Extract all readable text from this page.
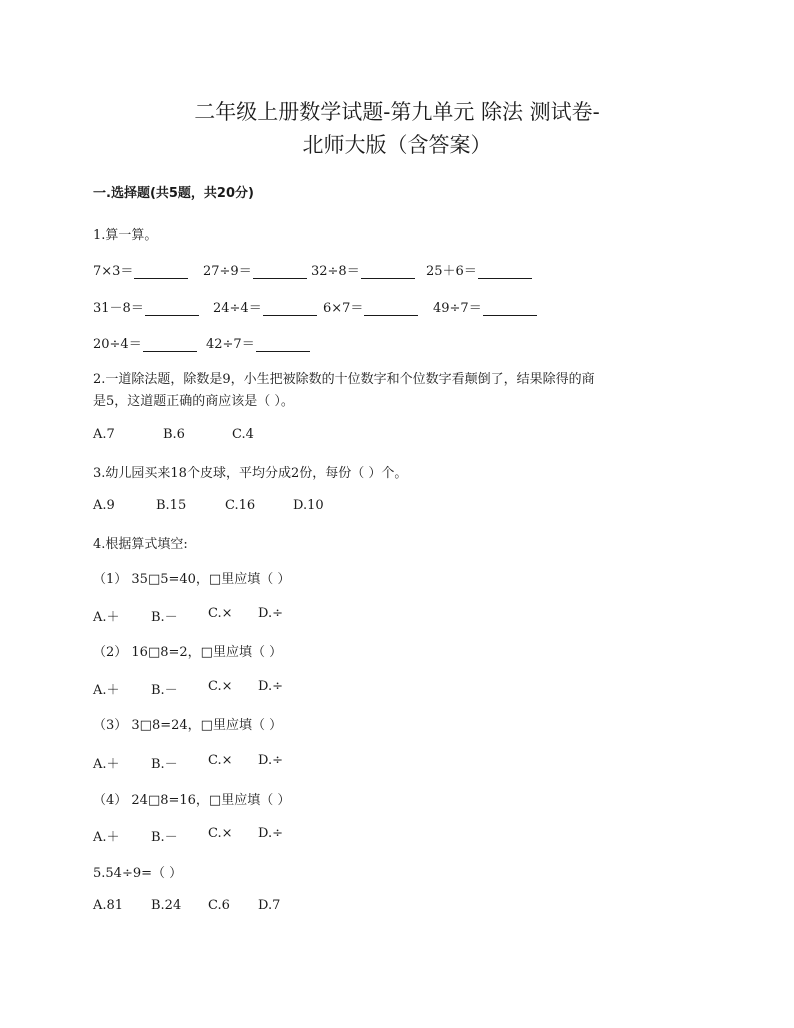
二年级上册数学试题-第九单元 除法 测试卷-
北师大版（含答案）
一.选择题(共5题，共20分)
1.算一算。
7×3＝	27÷9＝	32÷8＝	25＋6＝
31－8＝	24÷4＝	6×7＝	49÷7＝
20÷4＝	42÷7＝
2.一道除法题，除数是9，小生把被除数的十位数字和个位数字看颠倒了，结果除得的商
是5，这道题正确的商应该是（ ）。
A.7	B.6	C.4
3.幼儿园买来18个皮球，平均分成2份，每份（ ）个。
A.9	B.15	C.16	D.10
4.根据算式填空:
（1） 35□5=40，□里应填（ ）
A.＋ B.－ C.× D.÷
（2） 16□8=2，□里应填（ ）
A.＋ B.－ C.× D.÷
（3） 3□8=24，□里应填（ ）
A.＋ B.－ C.× D.÷
（4） 24□8=16，□里应填（ ）
A.＋ B.－ C.× D.÷
5.54÷9=（ ）
A.81 B.24 C.6 D.7
